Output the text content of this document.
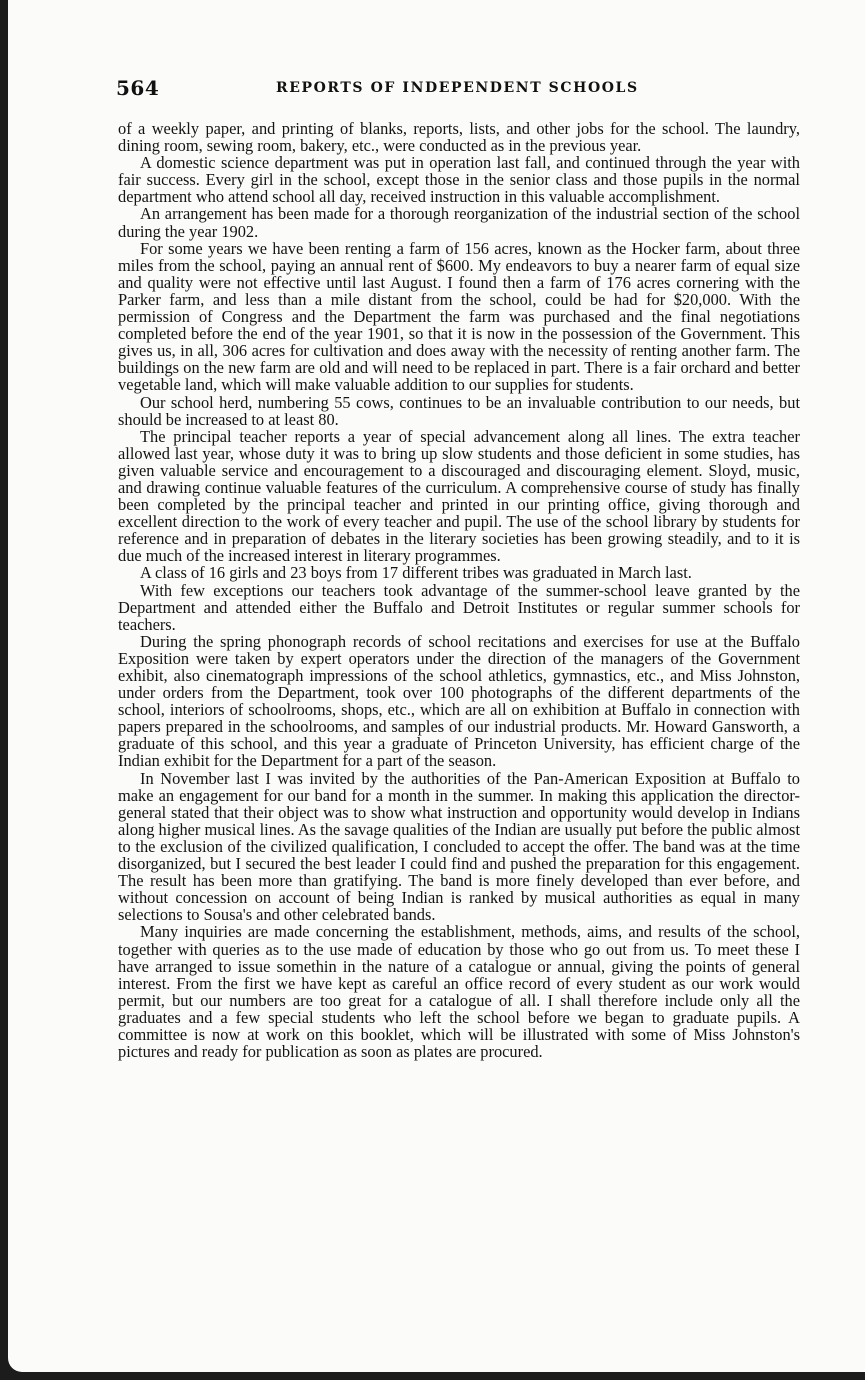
564	REPORTS OF INDEPENDENT SCHOOLS

of a weekly paper, and printing of blanks, reports, lists, and other jobs for the school. The laundry, dining room, sewing room, bakery, etc., were conducted as in the previous year.

A domestic science department was put in operation last fall, and continued through the year with fair success. Every girl in the school, except those in the senior class and those pupils in the normal department who attend school all day, received instruction in this valuable accomplishment.

An arrangement has been made for a thorough reorganization of the industrial section of the school during the year 1902.

For some years we have been renting a farm of 156 acres, known as the Hocker farm, about three miles from the school, paying an annual rent of $600. My endeavors to buy a nearer farm of equal size and quality were not effective until last August. I found then a farm of 176 acres cornering with the Parker farm, and less than a mile distant from the school, could be had for $20,000. With the permission of Congress and the Department the farm was purchased and the final negotiations completed before the end of the year 1901, so that it is now in the possession of the Government. This gives us, in all, 306 acres for cultivation and does away with the necessity of renting another farm. The buildings on the new farm are old and will need to be replaced in part. There is a fair orchard and better vegetable land, which will make valuable addition to our supplies for students.

Our school herd, numbering 55 cows, continues to be an invaluable contribution to our needs, but should be increased to at least 80.

The principal teacher reports a year of special advancement along all lines. The extra teacher allowed last year, whose duty it was to bring up slow students and those deficient in some studies, has given valuable service and encouragement to a discouraged and discouraging element. Sloyd, music, and drawing continue valuable features of the curriculum. A comprehensive course of study has finally been completed by the principal teacher and printed in our printing office, giving thorough and excellent direction to the work of every teacher and pupil. The use of the school library by students for reference and in preparation of debates in the literary societies has been growing steadily, and to it is due much of the increased interest in literary programmes.

A class of 16 girls and 23 boys from 17 different tribes was graduated in March last.

With few exceptions our teachers took advantage of the summer-school leave granted by the Department and attended either the Buffalo and Detroit Institutes or regular summer schools for teachers.

During the spring phonograph records of school recitations and exercises for use at the Buffalo Exposition were taken by expert operators under the direction of the managers of the Government exhibit, also cinematograph impressions of the school athletics, gymnastics, etc., and Miss Johnston, under orders from the Department, took over 100 photographs of the different departments of the school, interiors of schoolrooms, shops, etc., which are all on exhibition at Buffalo in connection with papers prepared in the schoolrooms, and samples of our industrial products. Mr. Howard Gansworth, a graduate of this school, and this year a graduate of Princeton University, has efficient charge of the Indian exhibit for the Department for a part of the season.

In November last I was invited by the authorities of the Pan-American Exposition at Buffalo to make an engagement for our band for a month in the summer. In making this application the director-general stated that their object was to show what instruction and opportunity would develop in Indians along higher musical lines. As the savage qualities of the Indian are usually put before the public almost to the exclusion of the civilized qualification, I concluded to accept the offer. The band was at the time disorganized, but I secured the best leader I could find and pushed the preparation for this engagement. The result has been more than gratifying. The band is more finely developed than ever before, and without concession on account of being Indian is ranked by musical authorities as equal in many selections to Sousa's and other celebrated bands.

Many inquiries are made concerning the establishment, methods, aims, and results of the school, together with queries as to the use made of education by those who go out from us. To meet these I have arranged to issue somethin in the nature of a catalogue or annual, giving the points of general interest. From the first we have kept as careful an office record of every student as our work would permit, but our numbers are too great for a catalogue of all. I shall therefore include only all the graduates and a few special students who left the school before we began to graduate pupils. A committee is now at work on this booklet, which will be illustrated with some of Miss Johnston's pictures and ready for publication as soon as plates are procured.
